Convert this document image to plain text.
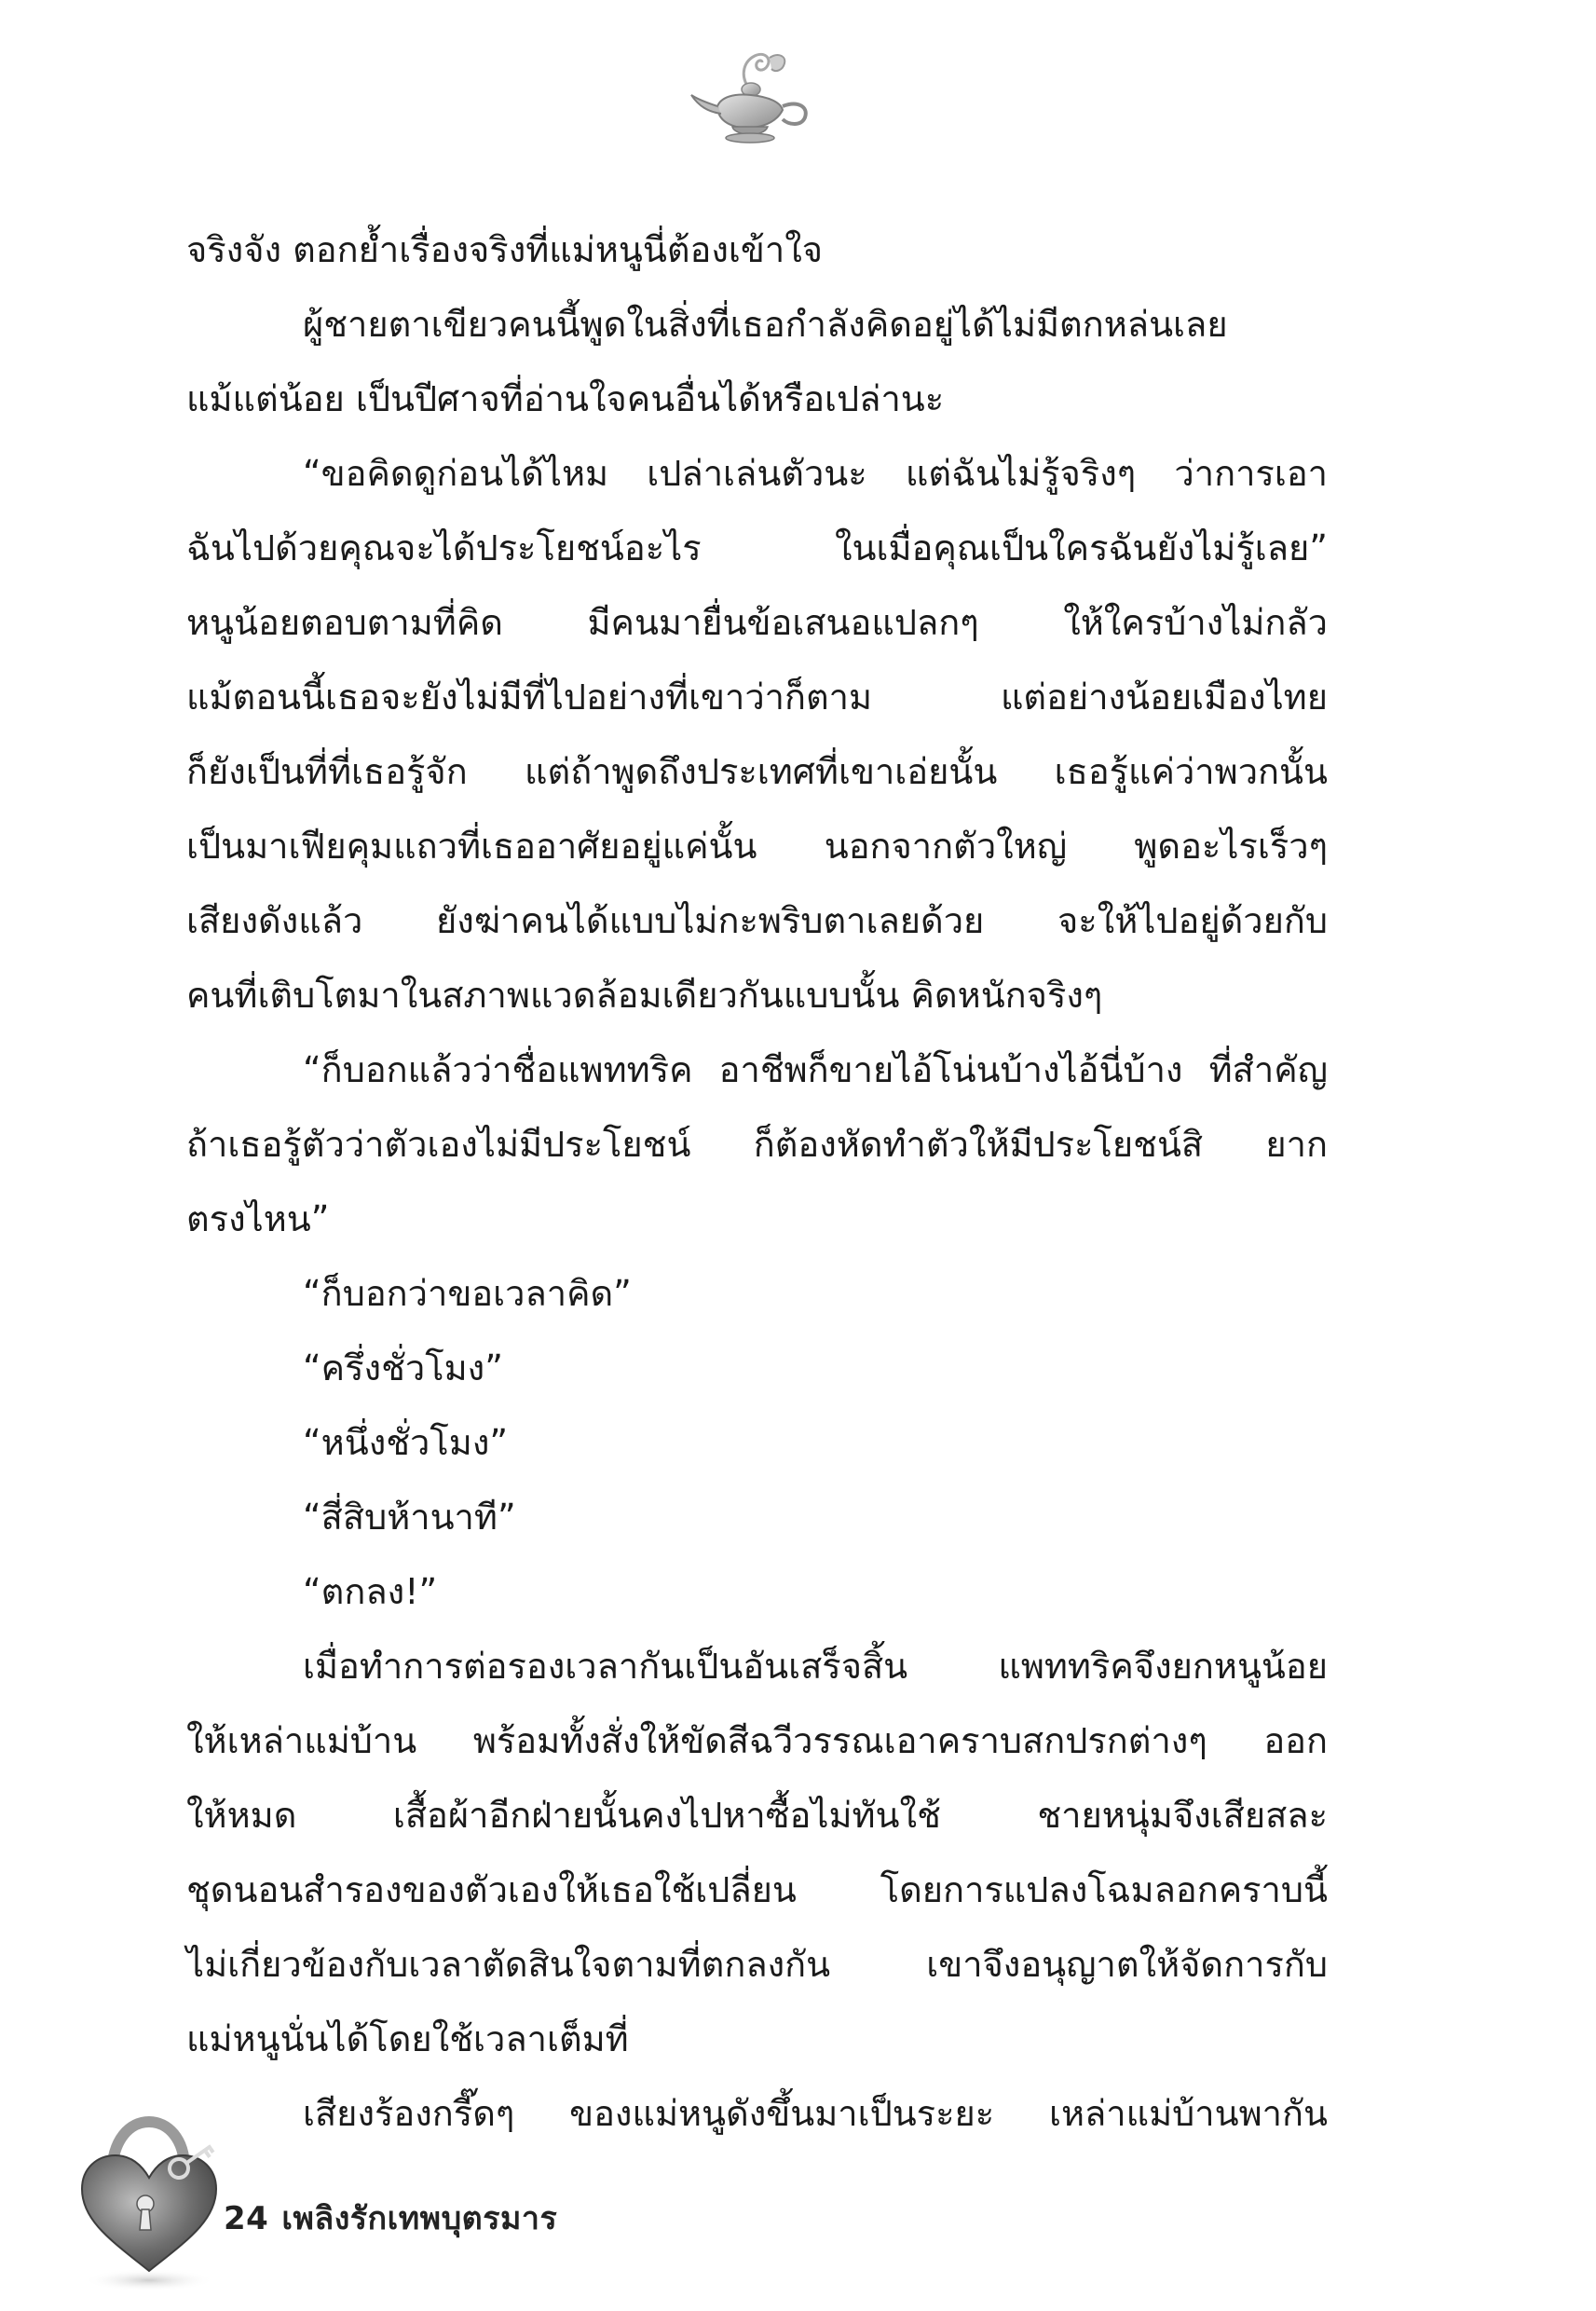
จริงจัง ตอกย้ำเรื่องจริงที่แม่หนูนี่ต้องเข้าใจ
ผู้ชายตาเขียวคนนี้พูดในสิ่งที่เธอกำลังคิดอยู่ได้ไม่มีตกหล่นเลย
แม้แต่น้อย เป็นปีศาจที่อ่านใจคนอื่นได้หรือเปล่านะ
“ขอคิดดูก่อนได้ไหม เปล่าเล่นตัวนะ แต่ฉันไม่รู้จริงๆ ว่าการเอา
ฉันไปด้วยคุณจะได้ประโยชน์อะไร ในเมื่อคุณเป็นใครฉันยังไม่รู้เลย”
หนูน้อยตอบตามที่คิด มีคนมายื่นข้อเสนอแปลกๆ ให้ใครบ้างไม่กลัว
แม้ตอนนี้เธอจะยังไม่มีที่ไปอย่างที่เขาว่าก็ตาม แต่อย่างน้อยเมืองไทย
ก็ยังเป็นที่ที่เธอรู้จัก แต่ถ้าพูดถึงประเทศที่เขาเอ่ยนั้น เธอรู้แค่ว่าพวกนั้น
เป็นมาเฟียคุมแถวที่เธออาศัยอยู่แค่นั้น นอกจากตัวใหญ่ พูดอะไรเร็วๆ
เสียงดังแล้ว ยังฆ่าคนได้แบบไม่กะพริบตาเลยด้วย จะให้ไปอยู่ด้วยกับ
คนที่เติบโตมาในสภาพแวดล้อมเดียวกันแบบนั้น คิดหนักจริงๆ
“ก็บอกแล้วว่าชื่อแพททริค อาชีพก็ขายไอ้โน่นบ้างไอ้นี่บ้าง ที่สำคัญ
ถ้าเธอรู้ตัวว่าตัวเองไม่มีประโยชน์ ก็ต้องหัดทำตัวให้มีประโยชน์สิ ยาก
ตรงไหน”
“ก็บอกว่าขอเวลาคิด”
“ครึ่งชั่วโมง”
“หนึ่งชั่วโมง”
“สี่สิบห้านาที”
“ตกลง!”
เมื่อทำการต่อรองเวลากันเป็นอันเสร็จสิ้น แพททริคจึงยกหนูน้อย
ให้เหล่าแม่บ้าน พร้อมทั้งสั่งให้ขัดสีฉวีวรรณเอาคราบสกปรกต่างๆ ออก
ให้หมด เสื้อผ้าอีกฝ่ายนั้นคงไปหาซื้อไม่ทันใช้ ชายหนุ่มจึงเสียสละ
ชุดนอนสำรองของตัวเองให้เธอใช้เปลี่ยน โดยการแปลงโฉมลอกคราบนี้
ไม่เกี่ยวข้องกับเวลาตัดสินใจตามที่ตกลงกัน เขาจึงอนุญาตให้จัดการกับ
แม่หนูนั่นได้โดยใช้เวลาเต็มที่
เสียงร้องกรี๊ดๆ ของแม่หนูดังขึ้นมาเป็นระยะ เหล่าแม่บ้านพากัน
24 เพลิงรักเทพบุตรมาร
